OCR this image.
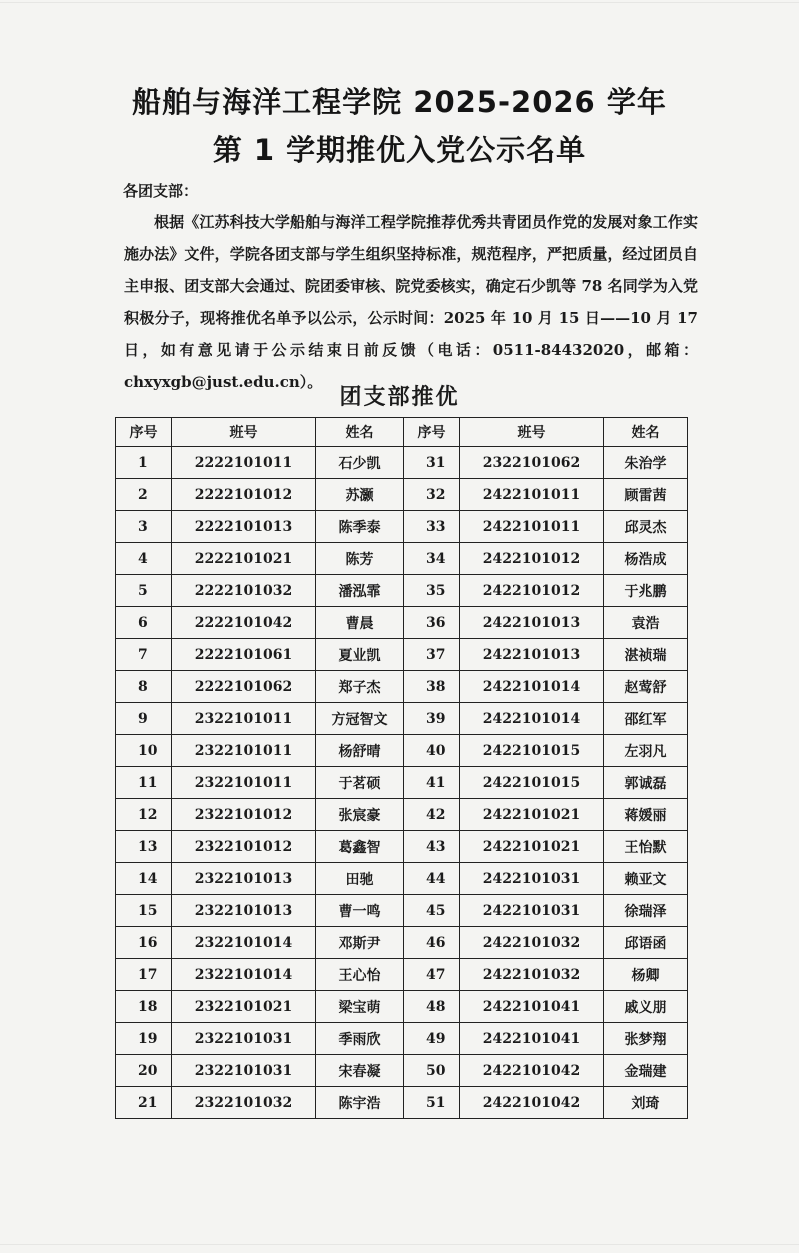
船舶与海洋工程学院 2025-2026 学年
第 1 学期推优入党公示名单
各团支部：
根据《江苏科技大学船舶与海洋工程学院推荐优秀共青团员作党的发展对象工作实施办法》文件，学院各团支部与学生组织坚持标准，规范程序，严把质量，经过团员自主申报、团支部大会通过、院团委审核、院党委核实，确定石少凯等 78 名同学为入党积极分子，现将推优名单予以公示，公示时间：2025 年 10 月 15 日——10 月 17 日，如有意见请于公示结束日前反馈（电话：0511-84432020，邮箱：chxyxgb@just.edu.cn）。
团支部推优
序号	班号	姓名	序号	班号	姓名
1	2222101011	石少凯	31	2322101062	朱治学
2	2222101012	苏灏	32	2422101011	顾雷茜
3	2222101013	陈季泰	33	2422101011	邱灵杰
4	2222101021	陈芳	34	2422101012	杨浩成
5	2222101032	潘泓霏	35	2422101012	于兆鹏
6	2222101042	曹晨	36	2422101013	袁浩
7	2222101061	夏业凯	37	2422101013	湛祯瑞
8	2222101062	郑子杰	38	2422101014	赵莺舒
9	2322101011	方冠智文	39	2422101014	邵红军
10	2322101011	杨舒晴	40	2422101015	左羽凡
11	2322101011	于茗硕	41	2422101015	郭诚磊
12	2322101012	张宸豪	42	2422101021	蒋媛丽
13	2322101012	葛鑫智	43	2422101021	王怡默
14	2322101013	田驰	44	2422101031	赖亚文
15	2322101013	曹一鸣	45	2422101031	徐瑞泽
16	2322101014	邓斯尹	46	2422101032	邱语函
17	2322101014	王心怡	47	2422101032	杨卿
18	2322101021	梁宝萌	48	2422101041	戚义朋
19	2322101031	季雨欣	49	2422101041	张梦翔
20	2322101031	宋春凝	50	2422101042	金瑞建
21	2322101032	陈宇浩	51	2422101042	刘琦
